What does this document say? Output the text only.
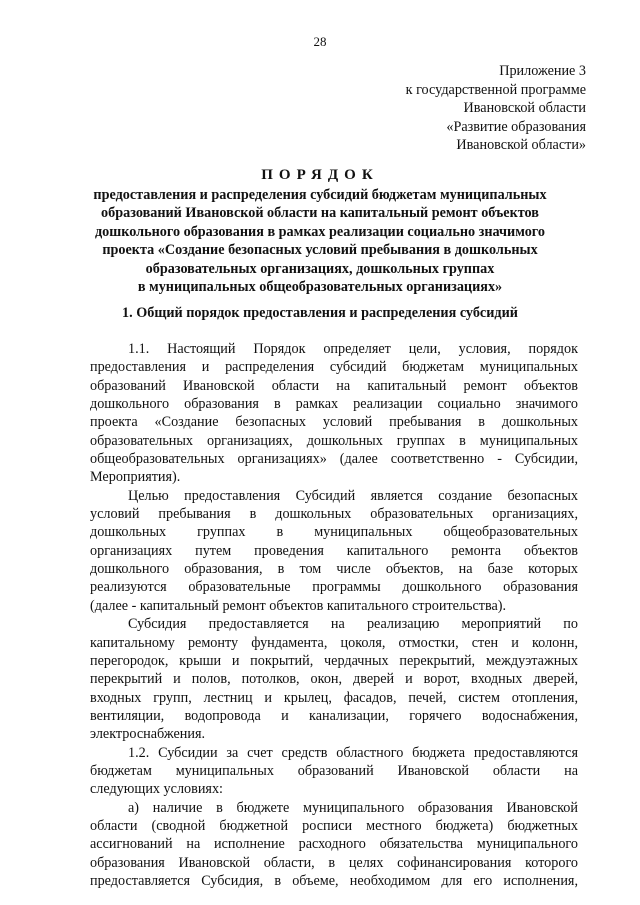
28
Приложение 3
к государственной программе
Ивановской области
«Развитие образования
Ивановской области»
ПОРЯДОК
предоставления и распределения субсидий бюджетам муниципальных
образований Ивановской области на капитальный ремонт объектов
дошкольного образования в рамках реализации социально значимого
проекта «Создание безопасных условий пребывания в дошкольных
образовательных организациях, дошкольных группах
в муниципальных общеобразовательных организациях»
1. Общий порядок предоставления и распределения субсидий

1.1. Настоящий Порядок определяет цели, условия, порядок
предоставления и распределения субсидий бюджетам муниципальных
образований Ивановской области на капитальный ремонт объектов
дошкольного образования в рамках реализации социально значимого
проекта «Создание безопасных условий пребывания в дошкольных
образовательных организациях, дошкольных группах в муниципальных
общеобразовательных организациях» (далее соответственно - Субсидии,
Мероприятия).

Целью предоставления Субсидий является создание безопасных
условий пребывания в дошкольных образовательных организациях,
дошкольных группах в муниципальных общеобразовательных
организациях путем проведения капитального ремонта объектов
дошкольного образования, в том числе объектов, на базе которых
реализуются образовательные программы дошкольного образования
(далее - капитальный ремонт объектов капитального строительства).

Субсидия предоставляется на реализацию мероприятий по
капитальному ремонту фундамента, цоколя, отмостки, стен и колонн,
перегородок, крыши и покрытий, чердачных перекрытий, междуэтажных
перекрытий и полов, потолков, окон, дверей и ворот, входных дверей,
входных групп, лестниц и крылец, фасадов, печей, систем отопления,
вентиляции, водопровода и канализации, горячего водоснабжения,
электроснабжения.

1.2. Субсидии за счет средств областного бюджета предоставляются
бюджетам муниципальных образований Ивановской области на
следующих условиях:

а) наличие в бюджете муниципального образования Ивановской
области (сводной бюджетной росписи местного бюджета) бюджетных
ассигнований на исполнение расходного обязательства муниципального
образования Ивановской области, в целях софинансирования которого
предоставляется Субсидия, в объеме, необходимом для его исполнения,
